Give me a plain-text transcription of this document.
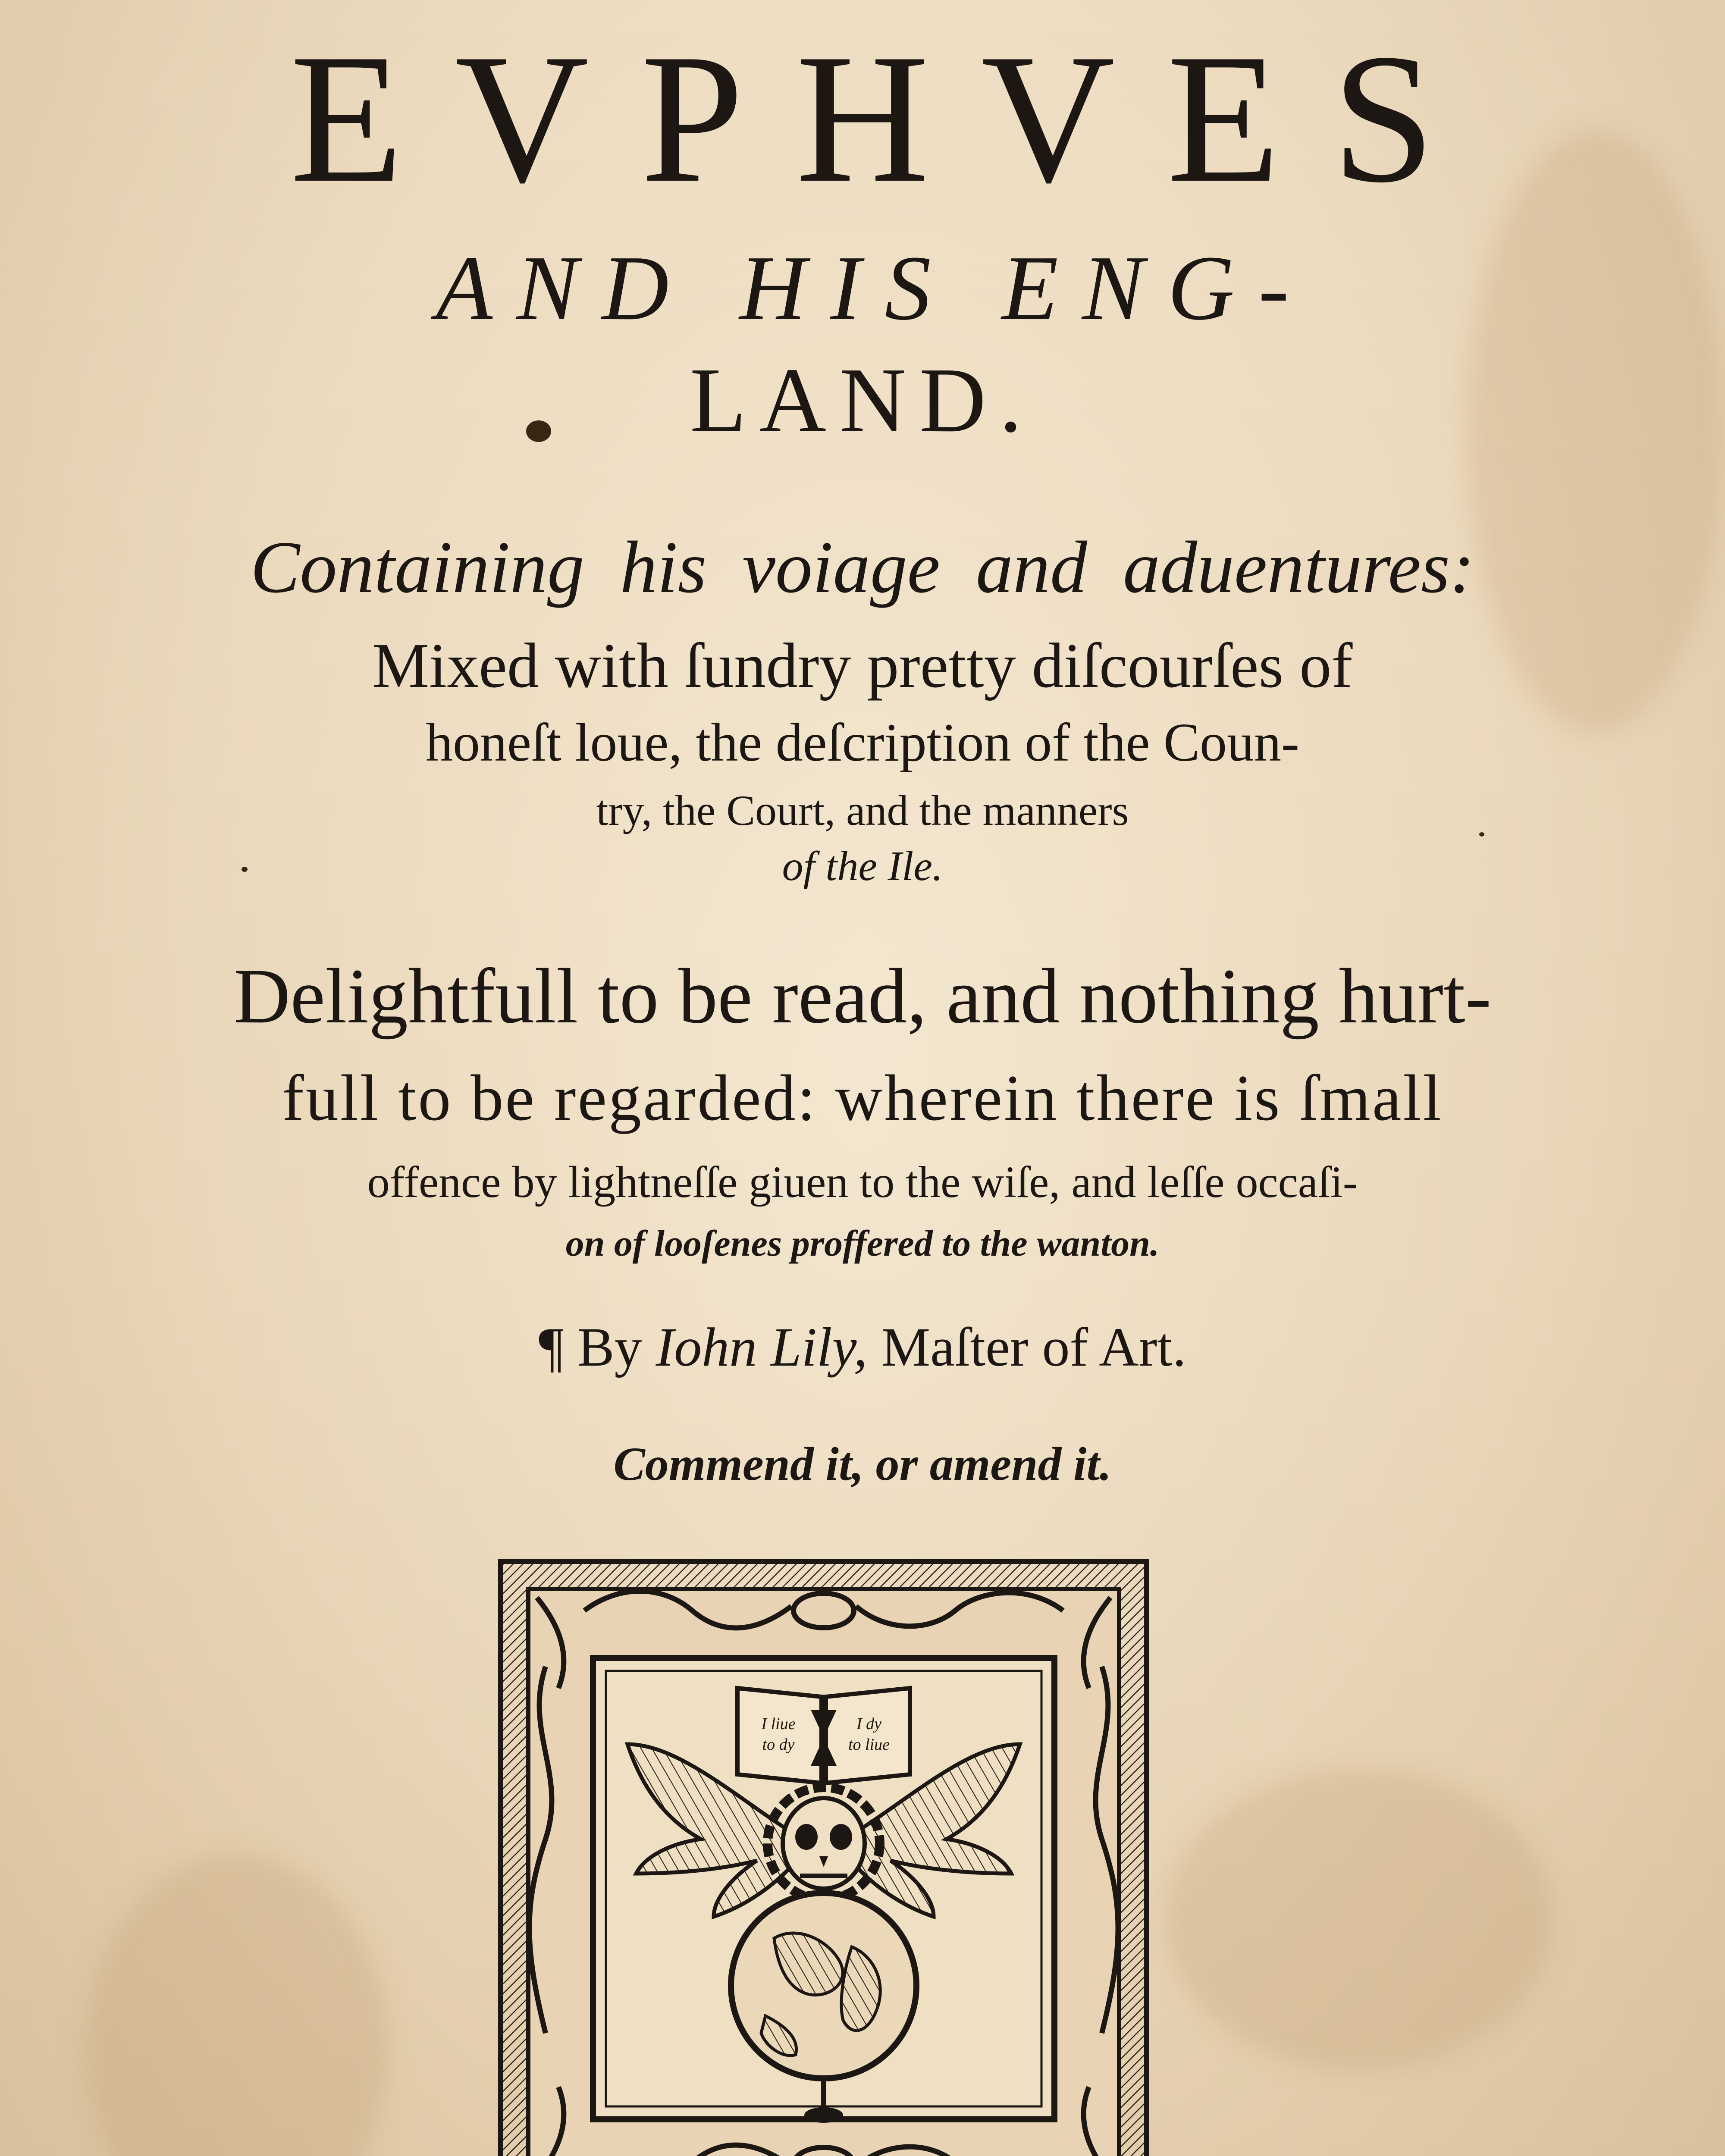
EVPHVES
AND HIS ENG-
LAND.
Containing his voiage and aduentures:
Mixed with ſundry pretty diſcourſes of
honeſt loue, the deſcription of the Coun-
try, the Court, and the manners
of the Ile.
Delightfull to be read, and nothing hurt-
full to be regarded: wherein there is ſmall
offence by lightneſſe giuen to the wiſe, and leſſe occaſi-
on of looſenes proffered to the wanton.
¶ By Iohn Lily, Maſter of Art.
Commend it, or amend it.
I liue to dy
I dy to liue
